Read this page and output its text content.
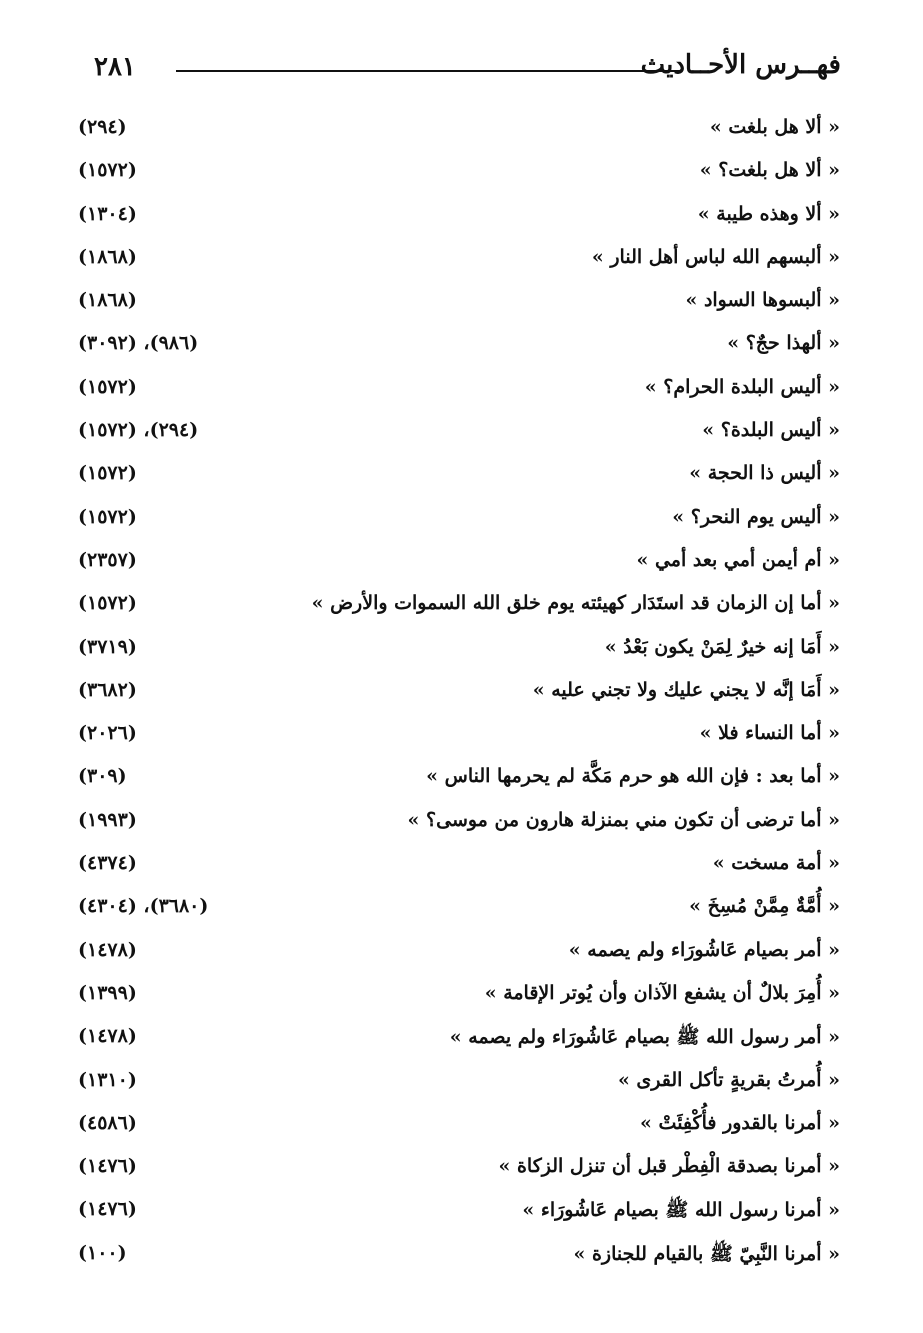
٢٨١	فهــرس الأحــاديث
« ألا هل بلغت »
(٢٩٤)
« ألا هل بلغت؟ »
(١٥٧٢)
« ألا وهذه طيبة »
(١٣٠٤)
« ألبسهم الله لباس أهل النار »
(١٨٦٨)
« ألبسوها السواد »
(١٨٦٨)
« ألهذا حجٌ؟ »
(٩٨٦)، (٣٠٩٢)
« أليس البلدة الحرام؟ »
(١٥٧٢)
« أليس البلدة؟ »
(٢٩٤)، (١٥٧٢)
« أليس ذا الحجة »
(١٥٧٢)
« أليس يوم النحر؟ »
(١٥٧٢)
« أم أيمن أمي بعد أمي »
(٢٣٥٧)
« أما إن الزمان قد استَدَار كهيئته يوم خلق الله السموات والأرض »
(١٥٧٢)
« أَمَا إنه خيرٌ لِمَنْ يكون بَعْدُ »
(٣٧١٩)
« أَمَا إنَّه لا يجني عليك ولا تجني عليه »
(٣٦٨٢)
« أما النساء فلا »
(٢٠٢٦)
« أما بعد : فإن الله هو حرم مَكَّة لم يحرمها الناس »
(٣٠٩)
« أما ترضى أن تكون مني بمنزلة هارون من موسى؟ »
(١٩٩٣)
« أمة مسخت »
(٤٣٧٤)
« أُمَّةٌ مِمَّنْ مُسِخَ »
(٣٦٨٠)، (٤٣٠٤)
« أمر بصيام عَاشُورَاء ولم يصمه »
(١٤٧٨)
« أُمِرَ بلالٌ أن يشفع الآذان وأن يُوتر الإقامة »
(١٣٩٩)
« أمر رسول الله ﷺ بصيام عَاشُورَاء ولم يصمه »
(١٤٧٨)
« أُمرتُ بقريةٍ تأكل القرى »
(١٣١٠)
« أمرنا بالقدور فأُكْفِئَتْ »
(٤٥٨٦)
« أمرنا بصدقة الْفِطْر قبل أن تنزل الزكاة »
(١٤٧٦)
« أمرنا رسول الله ﷺ بصيام عَاشُورَاء »
(١٤٧٦)
« أمرنا النَّبِيّ ﷺ بالقيام للجنازة »
(١٠٠)
